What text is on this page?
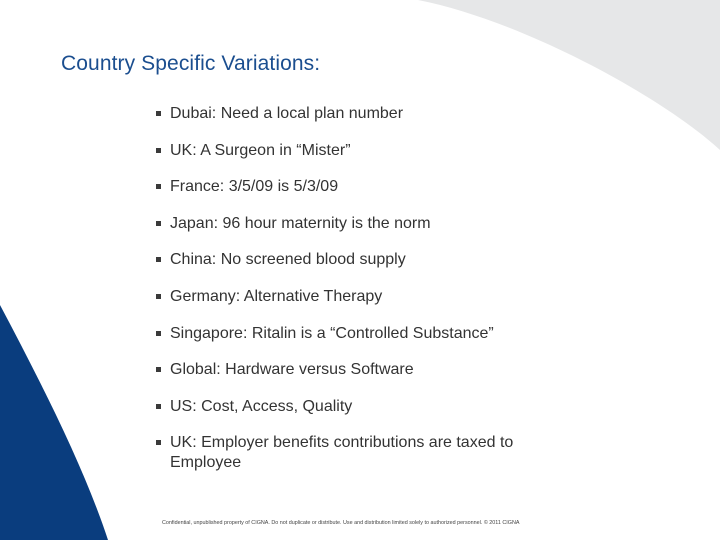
Country Specific Variations:
Dubai: Need a local plan number
UK: A Surgeon in “Mister”
France: 3/5/09 is 5/3/09
Japan: 96 hour maternity is the norm
China: No screened blood supply
Germany: Alternative Therapy
Singapore: Ritalin is a “Controlled Substance”
Global: Hardware versus Software
US: Cost, Access, Quality
UK: Employer benefits contributions are taxed to Employee
Confidential, unpublished property of CIGNA. Do not duplicate or distribute. Use and distribution limited solely to authorized personnel. © 2011 CIGNA
